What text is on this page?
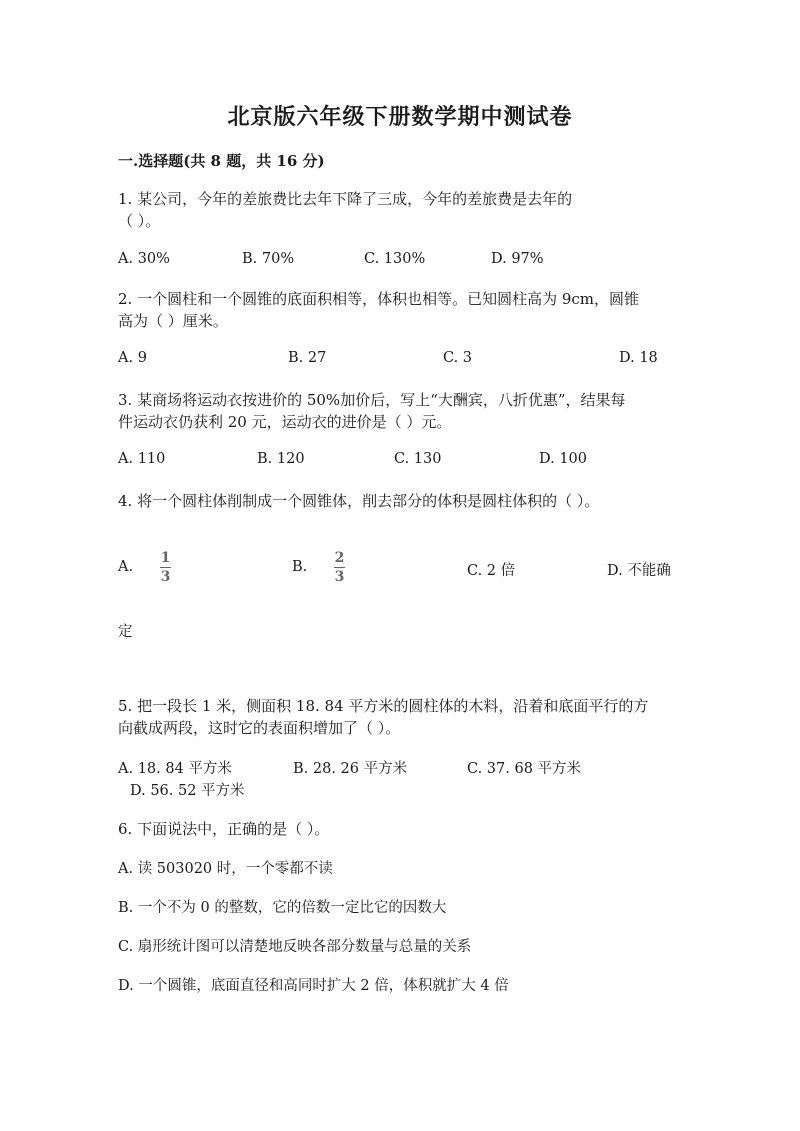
北京版六年级下册数学期中测试卷
一.选择题(共 8 题，共 16 分)
1. 某公司，今年的差旅费比去年下降了三成，今年的差旅费是去年的
（ ）。
A. 30%	B. 70%	C. 130%	D. 97%
2. 一个圆柱和一个圆锥的底面积相等，体积也相等。已知圆柱高为 9cm，圆锥
高为（ ）厘米。
A. 9	B. 27	C. 3	D. 18
3. 某商场将运动衣按进价的 50%加价后，写上“大酬宾，八折优惠”，结果每
件运动衣仍获利 20 元，运动衣的进价是（ ）元。
A. 110	B. 120	C. 130	D. 100
4. 将一个圆柱体削制成一个圆锥体，削去部分的体积是圆柱体积的（ ）。
A.
1
3
B.
2
3	C. 2 倍	D. 不能确
定
5. 把一段长 1 米，侧面积 18. 84 平方米的圆柱体的木料，沿着和底面平行的方
向截成两段，这时它的表面积增加了（ ）。
A. 18. 84 平方米	B. 28. 26 平方米	C. 37. 68 平方米
D. 56. 52 平方米
6. 下面说法中，正确的是（ ）。
A. 读 503020 时，一个零都不读
B. 一个不为 0 的整数，它的倍数一定比它的因数大
C. 扇形统计图可以清楚地反映各部分数量与总量的关系
D. 一个圆锥，底面直径和高同时扩大 2 倍，体积就扩大 4 倍
